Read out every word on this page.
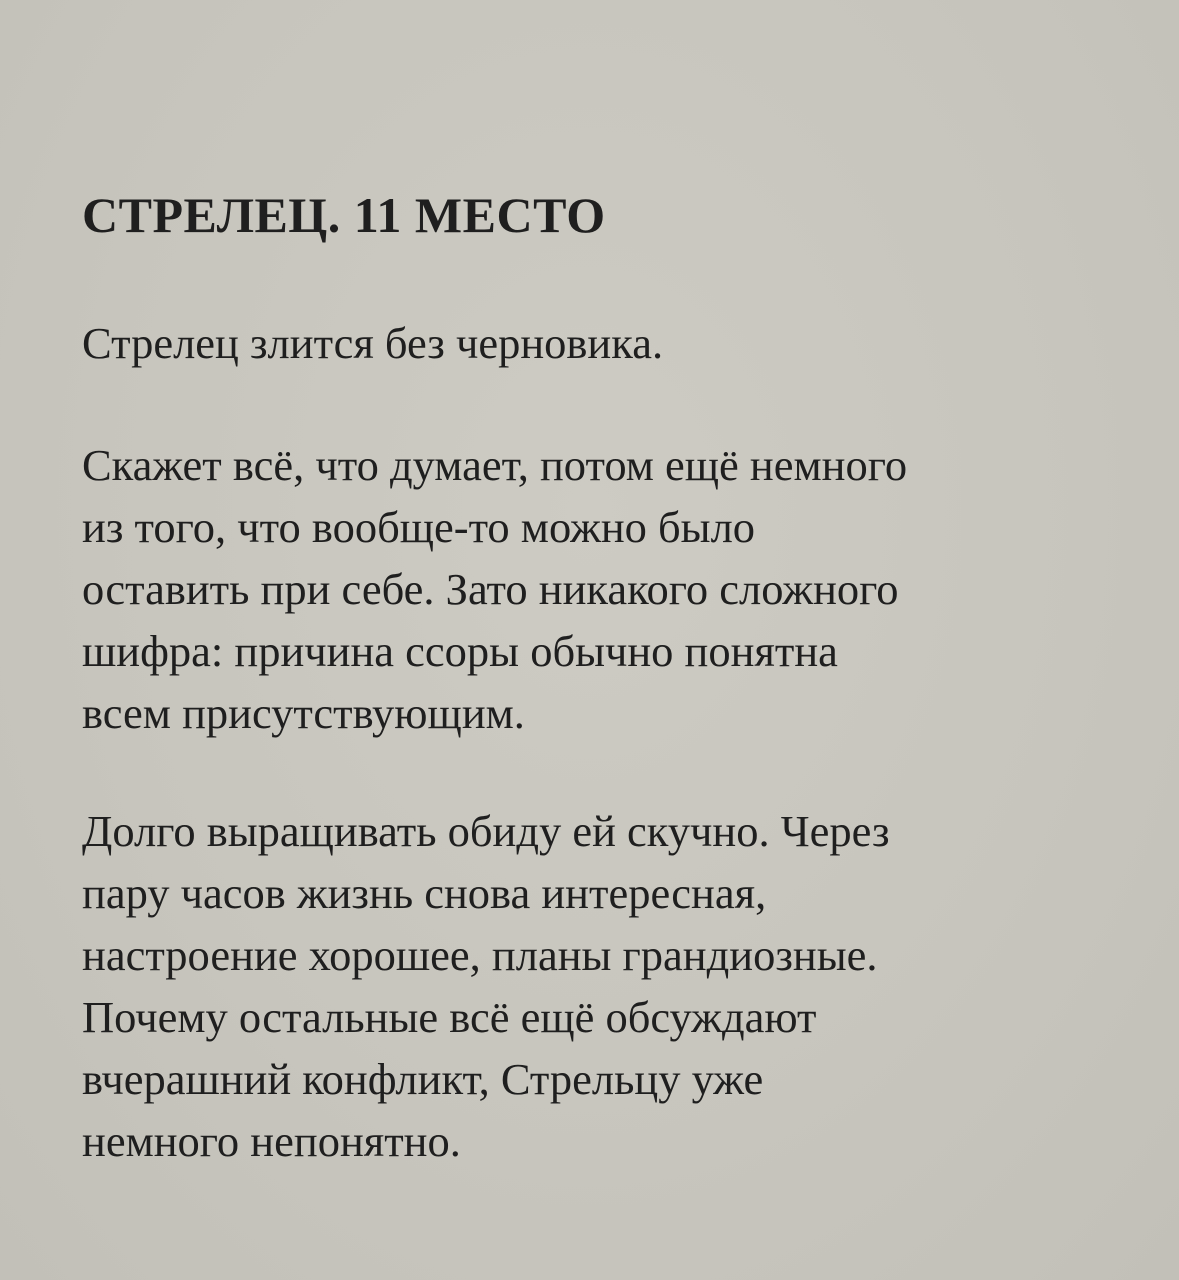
СТРЕЛЕЦ. 11 МЕСТО

Стрелец злится без черновика.

Скажет всё, что думает, потом ещё немного
из того, что вообще-то можно было
оставить при себе. Зато никакого сложного
шифра: причина ссоры обычно понятна
всем присутствующим.

Долго выращивать обиду ей скучно. Через
пару часов жизнь снова интересная,
настроение хорошее, планы грандиозные.
Почему остальные всё ещё обсуждают
вчерашний конфликт, Стрельцу уже
немного непонятно.
